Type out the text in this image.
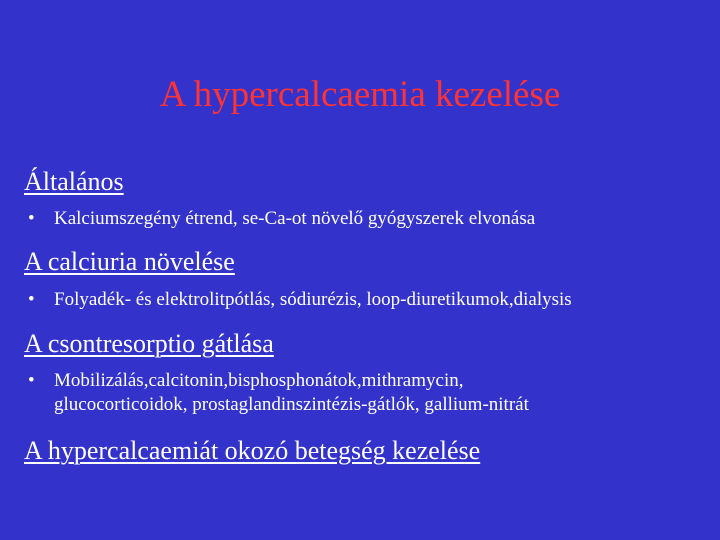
A hypercalcaemia kezelése
Általános
• Kalciumszegény étrend, se-Ca-ot növelő gyógyszerek elvonása
A calciuria növelése
• Folyadék- és elektrolitpótlás, sódiurézis, loop-diuretikumok,dialysis
A csontresorptio gátlása
• Mobilizálás,calcitonin,bisphosphonátok,mithramycin,
glucocorticoidok, prostaglandinszintézis-gátlók, gallium-nitrát
A hypercalcaemiát okozó betegség kezelése
